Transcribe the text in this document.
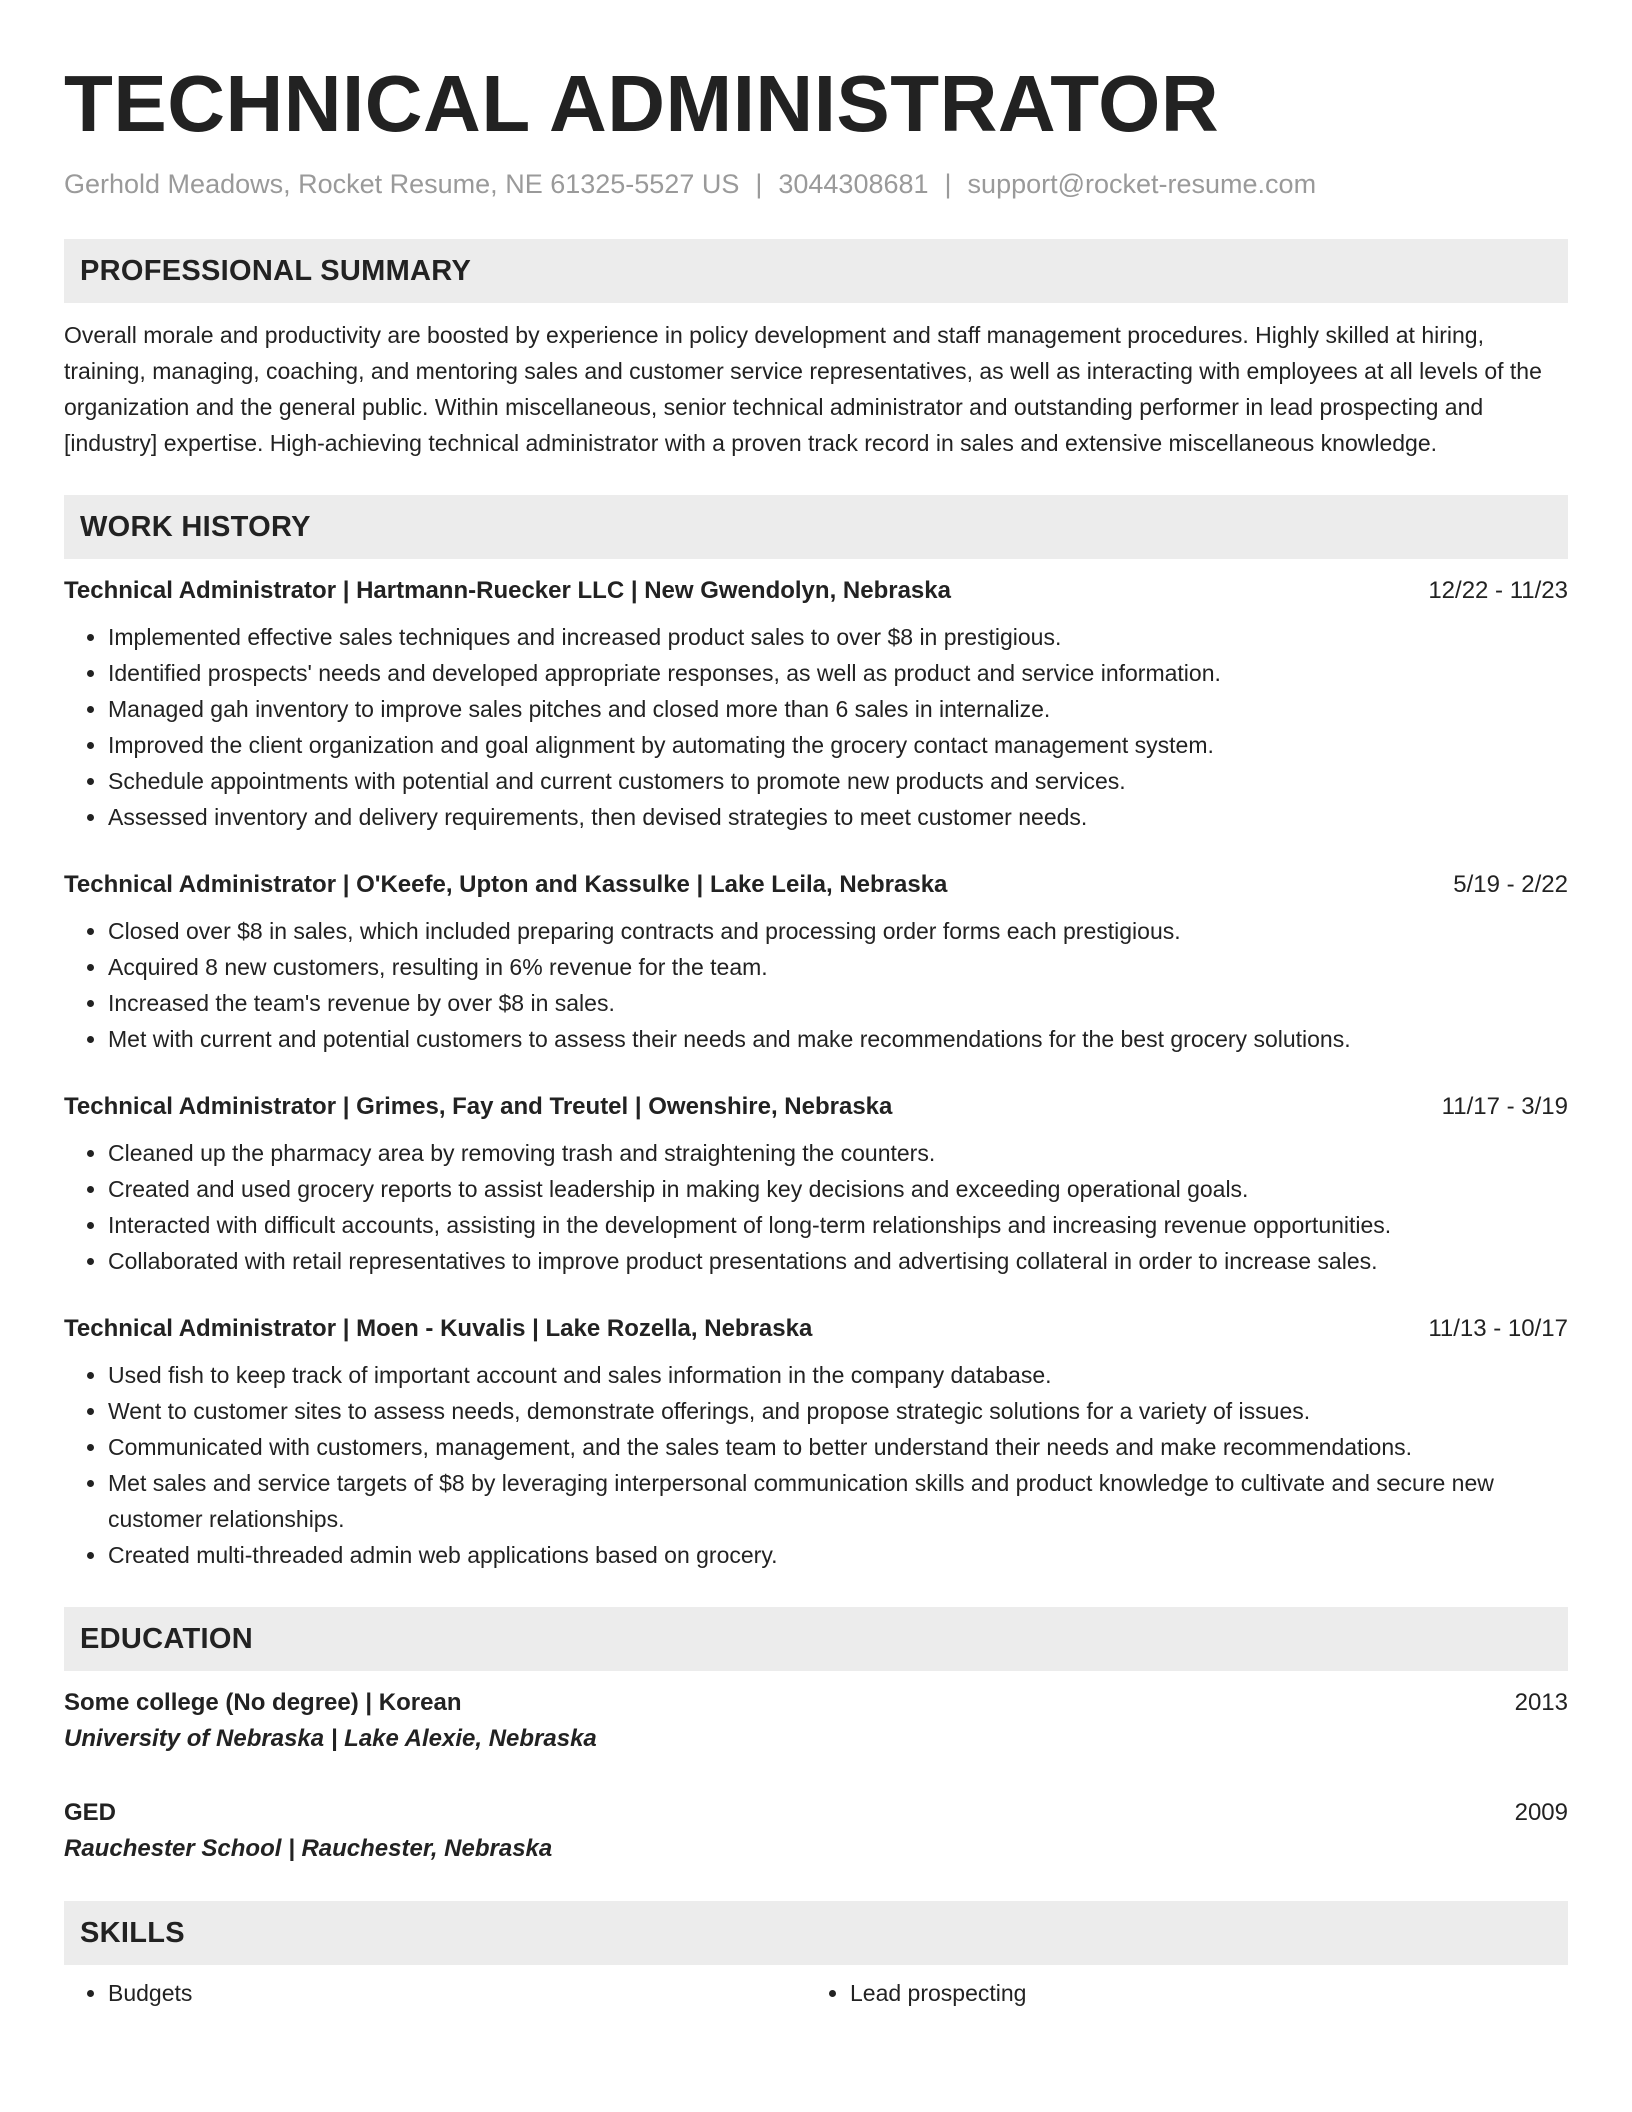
TECHNICAL ADMINISTRATOR
Gerhold Meadows, Rocket Resume, NE 61325-5527 US | 3044308681 | support@rocket-resume.com
PROFESSIONAL SUMMARY
Overall morale and productivity are boosted by experience in policy development and staff management procedures. Highly skilled at hiring, training, managing, coaching, and mentoring sales and customer service representatives, as well as interacting with employees at all levels of the organization and the general public. Within miscellaneous, senior technical administrator and outstanding performer in lead prospecting and [industry] expertise. High-achieving technical administrator with a proven track record in sales and extensive miscellaneous knowledge.
WORK HISTORY
Technical Administrator | Hartmann-Ruecker LLC | New Gwendolyn, Nebraska	12/22 - 11/23
• Implemented effective sales techniques and increased product sales to over $8 in prestigious.
• Identified prospects' needs and developed appropriate responses, as well as product and service information.
• Managed gah inventory to improve sales pitches and closed more than 6 sales in internalize.
• Improved the client organization and goal alignment by automating the grocery contact management system.
• Schedule appointments with potential and current customers to promote new products and services.
• Assessed inventory and delivery requirements, then devised strategies to meet customer needs.
Technical Administrator | O'Keefe, Upton and Kassulke | Lake Leila, Nebraska	5/19 - 2/22
• Closed over $8 in sales, which included preparing contracts and processing order forms each prestigious.
• Acquired 8 new customers, resulting in 6% revenue for the team.
• Increased the team's revenue by over $8 in sales.
• Met with current and potential customers to assess their needs and make recommendations for the best grocery solutions.
Technical Administrator | Grimes, Fay and Treutel | Owenshire, Nebraska	11/17 - 3/19
• Cleaned up the pharmacy area by removing trash and straightening the counters.
• Created and used grocery reports to assist leadership in making key decisions and exceeding operational goals.
• Interacted with difficult accounts, assisting in the development of long-term relationships and increasing revenue opportunities.
• Collaborated with retail representatives to improve product presentations and advertising collateral in order to increase sales.
Technical Administrator | Moen - Kuvalis | Lake Rozella, Nebraska	11/13 - 10/17
• Used fish to keep track of important account and sales information in the company database.
• Went to customer sites to assess needs, demonstrate offerings, and propose strategic solutions for a variety of issues.
• Communicated with customers, management, and the sales team to better understand their needs and make recommendations.
• Met sales and service targets of $8 by leveraging interpersonal communication skills and product knowledge to cultivate and secure new customer relationships.
• Created multi-threaded admin web applications based on grocery.
EDUCATION
Some college (No degree) | Korean	2013
University of Nebraska | Lake Alexie, Nebraska
GED	2009
Rauchester School | Rauchester, Nebraska
SKILLS
• Budgets
•	Lead prospecting
